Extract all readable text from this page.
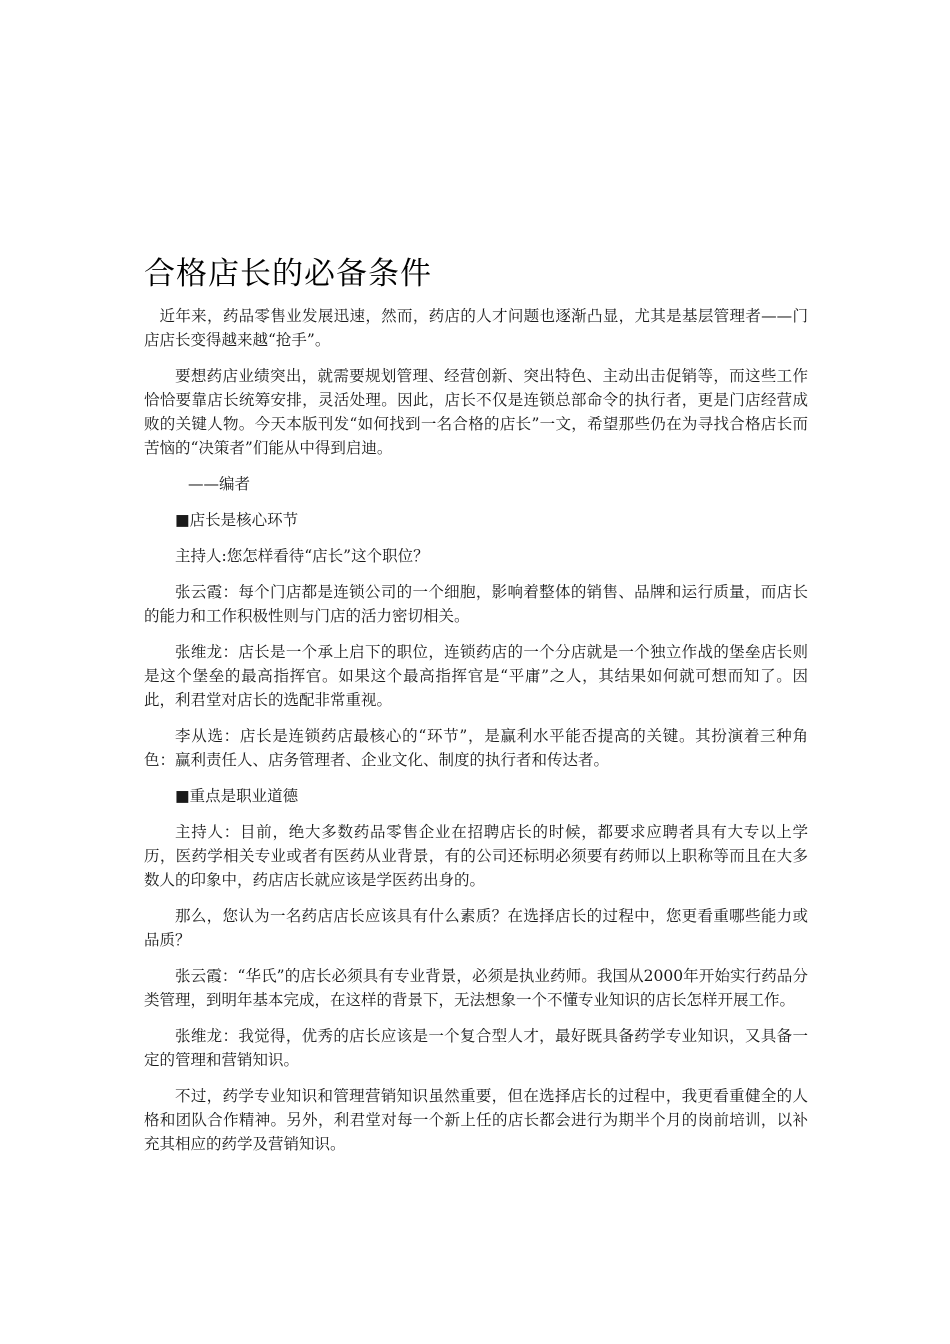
合格店长的必备条件

近年来，药品零售业发展迅速，然而，药店的人才问题也逐渐凸显，尤其是基层管理者——门店店长变得越来越“抢手”。

要想药店业绩突出，就需要规划管理、经营创新、突出特色、主动出击促销等，而这些工作恰恰要靠店长统筹安排，灵活处理。因此，店长不仅是连锁总部命令的执行者，更是门店经营成败的关键人物。今天本版刊发“如何找到一名合格的店长”一文，希望那些仍在为寻找合格店长而苦恼的“决策者”们能从中得到启迪。

——编者

■店长是核心环节

主持人:您怎样看待“店长”这个职位？

张云霞：每个门店都是连锁公司的一个细胞，影响着整体的销售、品牌和运行质量，而店长的能力和工作积极性则与门店的活力密切相关。

张维龙：店长是一个承上启下的职位，连锁药店的一个分店就是一个独立作战的堡垒店长则是这个堡垒的最高指挥官。如果这个最高指挥官是“平庸”之人，其结果如何就可想而知了。因此，利君堂对店长的选配非常重视。

李从选：店长是连锁药店最核心的“环节”，是赢利水平能否提高的关键。其扮演着三种角色：赢利责任人、店务管理者、企业文化、制度的执行者和传达者。

■重点是职业道德

主持人：目前，绝大多数药品零售企业在招聘店长的时候，都要求应聘者具有大专以上学历，医药学相关专业或者有医药从业背景，有的公司还标明必须要有药师以上职称等而且在大多数人的印象中，药店店长就应该是学医药出身的。

那么，您认为一名药店店长应该具有什么素质？在选择店长的过程中，您更看重哪些能力或品质？

张云霞：“华氏”的店长必须具有专业背景，必须是执业药师。我国从2000年开始实行药品分类管理，到明年基本完成，在这样的背景下，无法想象一个不懂专业知识的店长怎样开展工作。

张维龙：我觉得，优秀的店长应该是一个复合型人才，最好既具备药学专业知识，又具备一定的管理和营销知识。

不过，药学专业知识和管理营销知识虽然重要，但在选择店长的过程中，我更看重健全的人格和团队合作精神。另外，利君堂对每一个新上任的店长都会进行为期半个月的岗前培训，以补充其相应的药学及营销知识。
